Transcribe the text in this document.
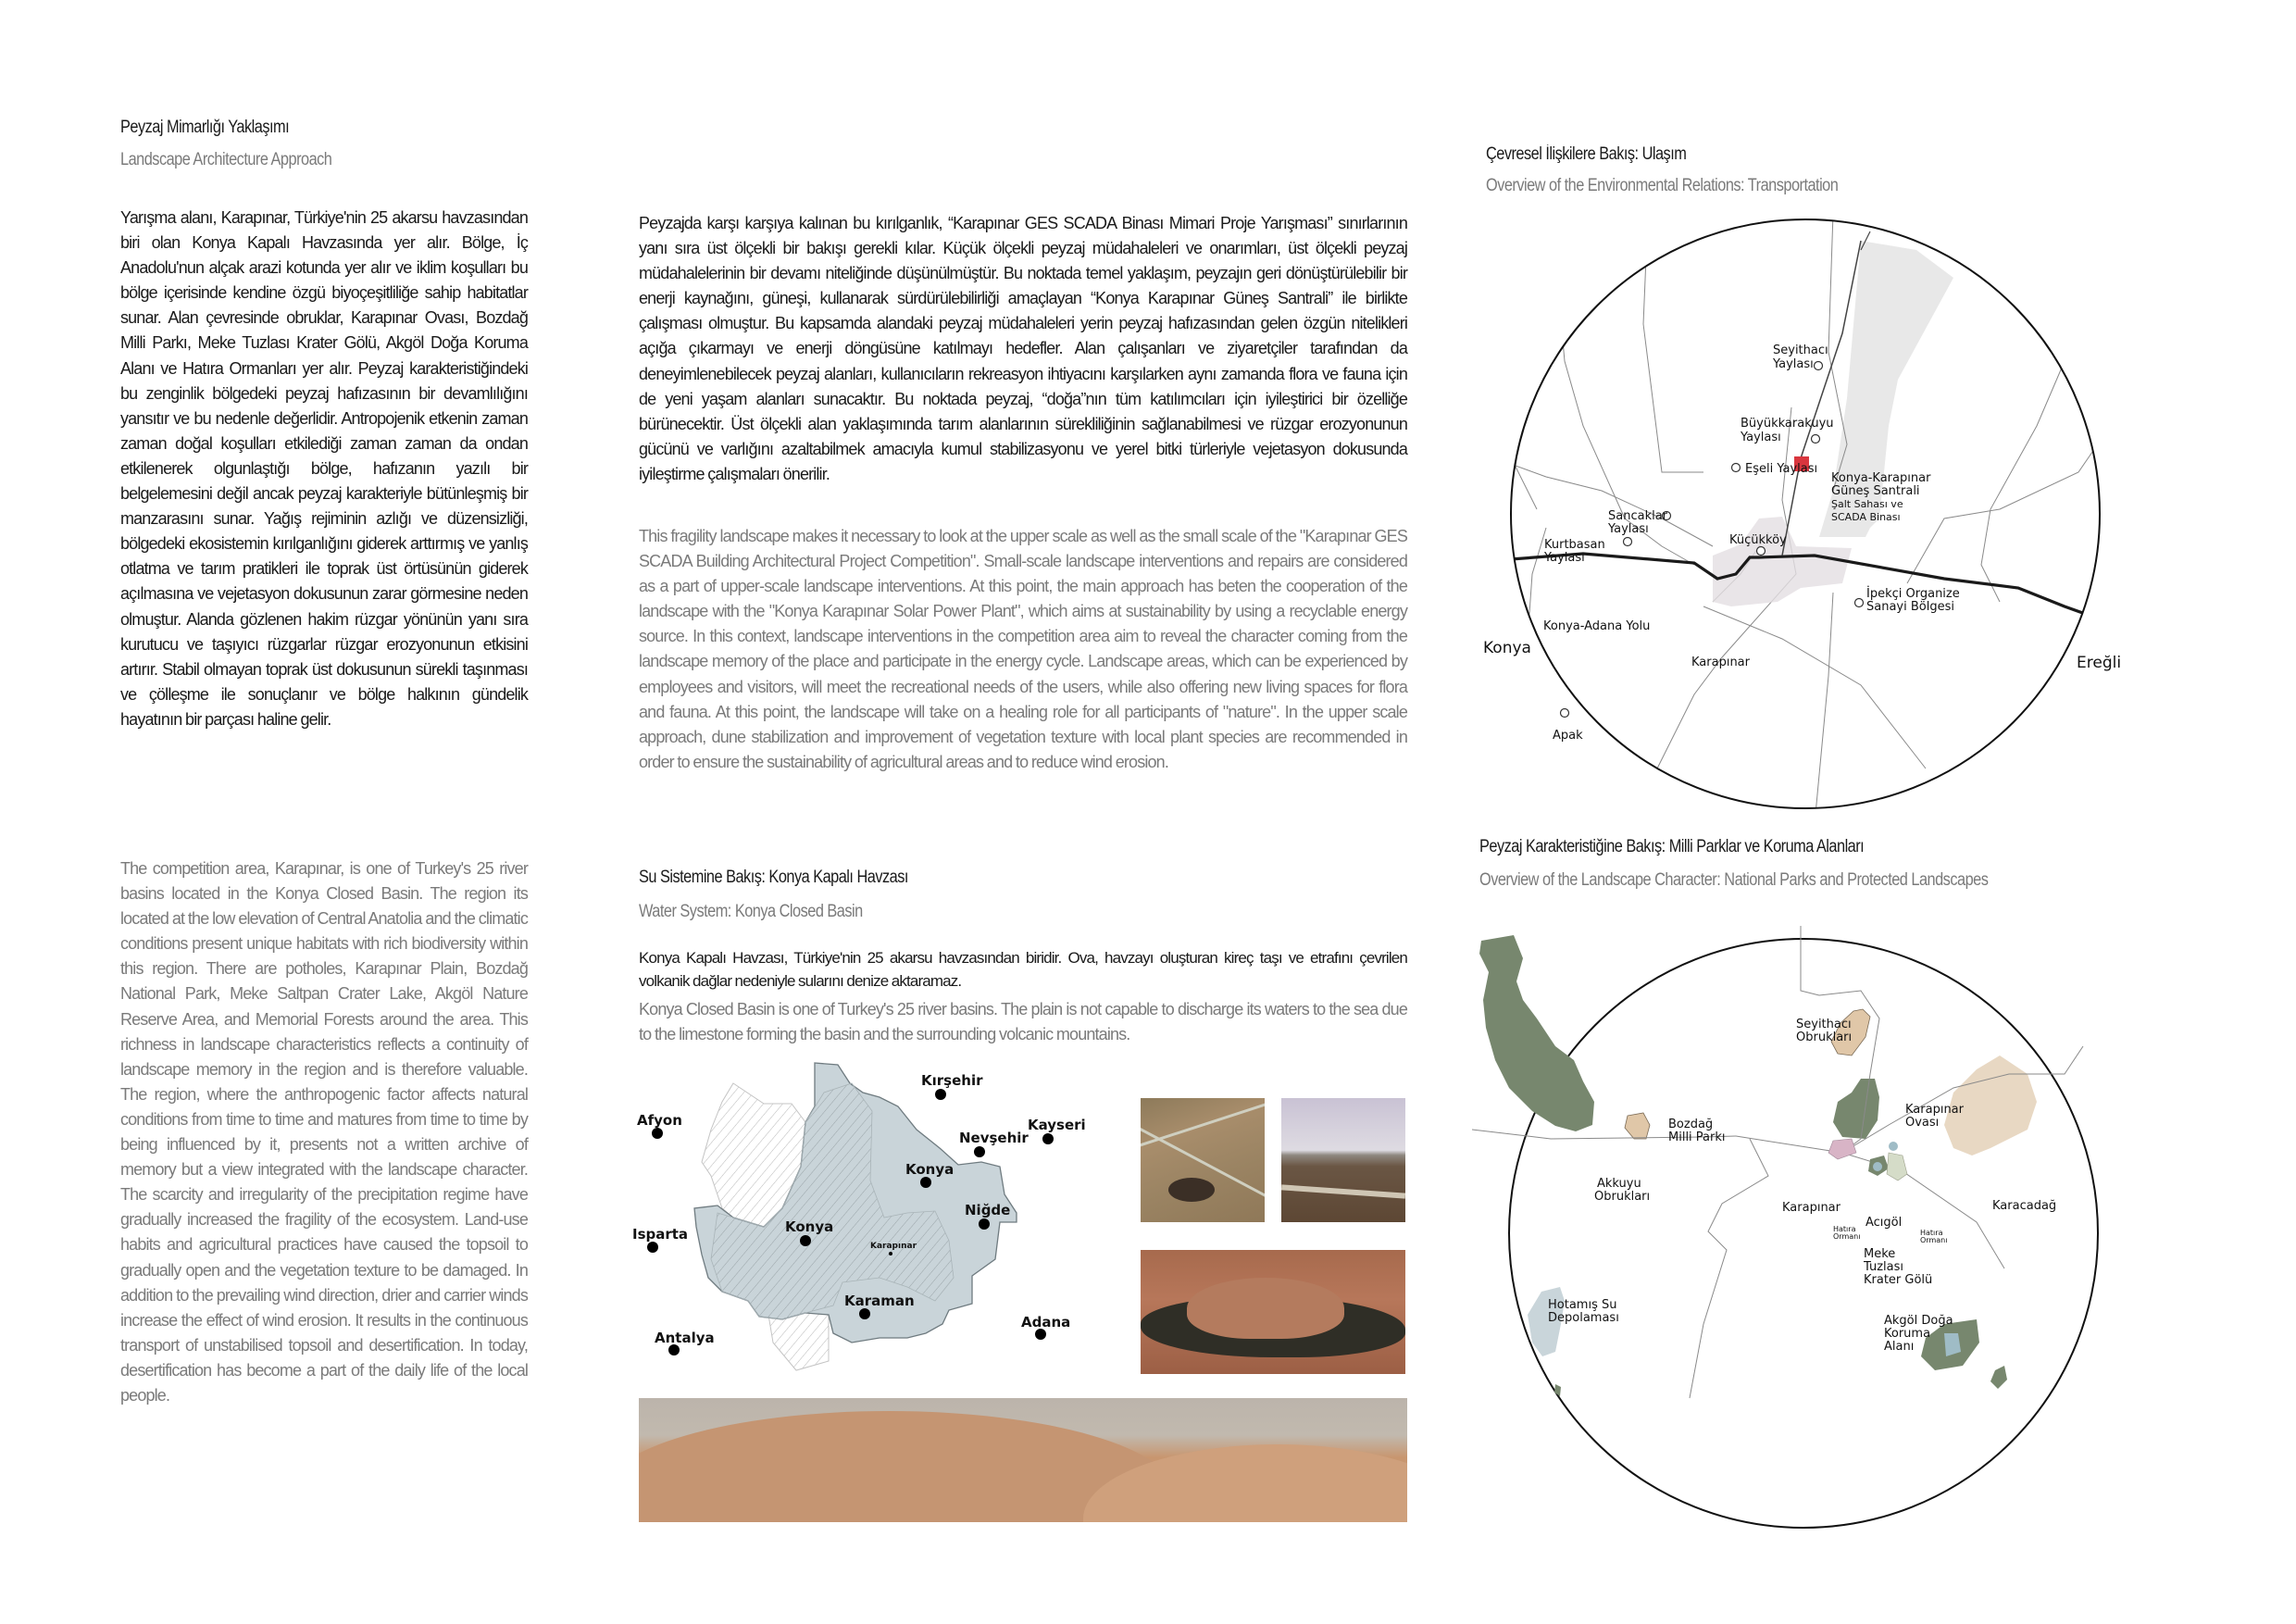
Peyzaj Mimarlığı Yaklaşımı
Landscape Architecture Approach

Yarışma alanı, Karapınar, Türkiye'nin 25 akarsu havzasından biri olan Konya Kapalı Havzasında yer alır. Bölge, İç Anadolu'nun alçak arazi kotunda yer alır ve iklim koşulları bu bölge içerisinde kendine özgü biyoçeşitliliğe sahip habitatlar sunar. Alan çevresinde obruklar, Karapınar Ovası, Bozdağ Milli Parkı, Meke Tuzlası Krater Gölü, Akgöl Doğa Koruma Alanı ve Hatıra Ormanları yer alır. Peyzaj karakteristiğindeki bu zenginlik bölgedeki peyzaj hafızasının bir devamlılığını yansıtır ve bu nedenle değerlidir. Antropojenik etkenin zaman zaman doğal koşulları etkilediği zaman zaman da ondan etkilenerek olgunlaştığı bölge, hafızanın yazılı bir belgelemesini değil ancak peyzaj karakteriyle bütünleşmiş bir manzarasını sunar. Yağış rejiminin azlığı ve düzensizliği, bölgedeki ekosistemin kırılganlığını giderek arttırmış ve yanlış otlatma ve tarım pratikleri ile toprak üst örtüsünün giderek açılmasına ve vejetasyon dokusunun zarar görmesine neden olmuştur. Alanda gözlenen hakim rüzgar yönünün yanı sıra kurutucu ve taşıyıcı rüzgarlar rüzgar erozyonunun etkisini artırır. Stabil olmayan toprak üst dokusunun sürekli taşınması ve çölleşme ile sonuçlanır ve bölge halkının gündelik hayatının bir parçası haline gelir.

The competition area, Karapınar, is one of Turkey's 25 river basins located in the Konya Closed Basin. The region its located at the low elevation of Central Anatolia and the climatic conditions present unique habitats with rich biodiversity within this region. There are potholes, Karapınar Plain, Bozdağ National Park, Meke Saltpan Crater Lake, Akgöl Nature Reserve Area, and Memorial Forests around the area. This richness in landscape characteristics reflects a continuity of landscape memory in the region and is therefore valuable. The region, where the anthropogenic factor affects natural conditions from time to time and matures from time to time by being influenced by it, presents not a written archive of memory but a view integrated with the landscape character. The scarcity and irregularity of the precipitation regime have gradually increased the fragility of the ecosystem. Land-use habits and agricultural practices have caused the topsoil to gradually open and the vegetation texture to be damaged. In addition to the prevailing wind direction, drier and carrier winds increase the effect of wind erosion. It results in the continuous transport of unstabilised topsoil and desertification. In today, desertification has become a part of the daily life of the local people.

Peyzajda karşı karşıya kalınan bu kırılganlık, “Karapınar GES SCADA Binası Mimari Proje Yarışması” sınırlarının yanı sıra üst ölçekli bir bakışı gerekli kılar. Küçük ölçekli peyzaj müdahaleleri ve onarımları, üst ölçekli peyzaj müdahalelerinin bir devamı niteliğinde düşünülmüştür. Bu noktada temel yaklaşım, peyzajın geri dönüştürülebilir bir enerji kaynağını, güneşi, kullanarak sürdürülebilirliği amaçlayan “Konya Karapınar Güneş Santrali” ile birlikte çalışması olmuştur. Bu kapsamda alandaki peyzaj müdahaleleri yerin peyzaj hafızasından gelen özgün nitelikleri açığa çıkarmayı ve enerji döngüsüne katılmayı hedefler. Alan çalışanları ve ziyaretçiler tarafından da deneyimlenebilecek peyzaj alanları, kullanıcıların rekreasyon ihtiyacını karşılarken aynı zamanda flora ve fauna için de yeni yaşam alanları sunacaktır. Bu noktada peyzaj, “doğa”nın tüm katılımcıları için iyileştirici bir özelliğe bürünecektir. Üst ölçekli alan yaklaşımında tarım alanlarının sürekliliğinin sağlanabilmesi ve rüzgar erozyonunun gücünü ve varlığını azaltabilmek amacıyla kumul stabilizasyonu ve yerel bitki türleriyle vejetasyon dokusunda iyileştirme çalışmaları önerilir.

This fragility landscape makes it necessary to look at the upper scale as well as the small scale of the "Karapınar GES SCADA Building Architectural Project Competition". Small-scale landscape interventions and repairs are considered as a part of upper-scale landscape interventions. At this point, the main approach has beten the cooperation of the landscape with the "Konya Karapınar Solar Power Plant", which aims at sustainability by using a recyclable energy source. In this context, landscape interventions in the competition area aim to reveal the character coming from the landscape memory of the place and participate in the energy cycle. Landscape areas, which can be experienced by employees and visitors, will meet the recreational needs of the users, while also offering new living spaces for flora and fauna. At this point, the landscape will take on a healing role for all participants of "nature". In the upper scale approach, dune stabilization and improvement of vegetation texture with local plant species are recommended in order to ensure the sustainability of agricultural areas and to reduce wind erosion.

Su Sistemine Bakış: Konya Kapalı Havzası
Water System: Konya Closed Basin

Konya Kapalı Havzası, Türkiye'nin 25 akarsu havzasından biridir. Ova, havzayı oluşturan kireç taşı ve etrafını çevrilen volkanik dağlar nedeniyle sularını denize aktaramaz.

Konya Closed Basin is one of Turkey's 25 river basins. The plain is not capable to discharge its waters to the sea due to the limestone forming the basin and the surrounding volcanic mountains.

Afyon
Kırşehir
Nevşehir
Kayseri
Konya
Niğde
Isparta	Konya
Karapınar
Karaman
Adana
Antalya
Çevresel İlişkilere Bakış: Ulaşım
Overview of the Environmental Relations: Transportation
Seyithacı Yaylası
Konya-Karapınar Güneş Santrali Şalt Sahası ve SCADA Binası
Büyükkarakuyu Yaylası
Eşeli Yaylası
Sancaklar Yaylası
Kurtbasan Yaylası
Küçükköy
İpekçi Organize Sanayi Bölgesi
Konya-Adana Yolu
Karapınar
Konya
Ereğli
Apak
Peyzaj Karakteristiğine Bakış: Milli Parklar ve Koruma Alanları
Overview of the Landscape Character: National Parks and Protected Landscapes
Seyithacı Obrukları
Bozdağ Milli Parkı
Karapınar Ovası
Akkuyu Obrukları
Karapınar
Acıgöl
Karacadağ
Hatıra Ormanı	Hatıra Ormanı
Meke Tuzlası Krater Gölü
Hotamış Su Depolaması	Akgöl Doğa Koruma Alanı
